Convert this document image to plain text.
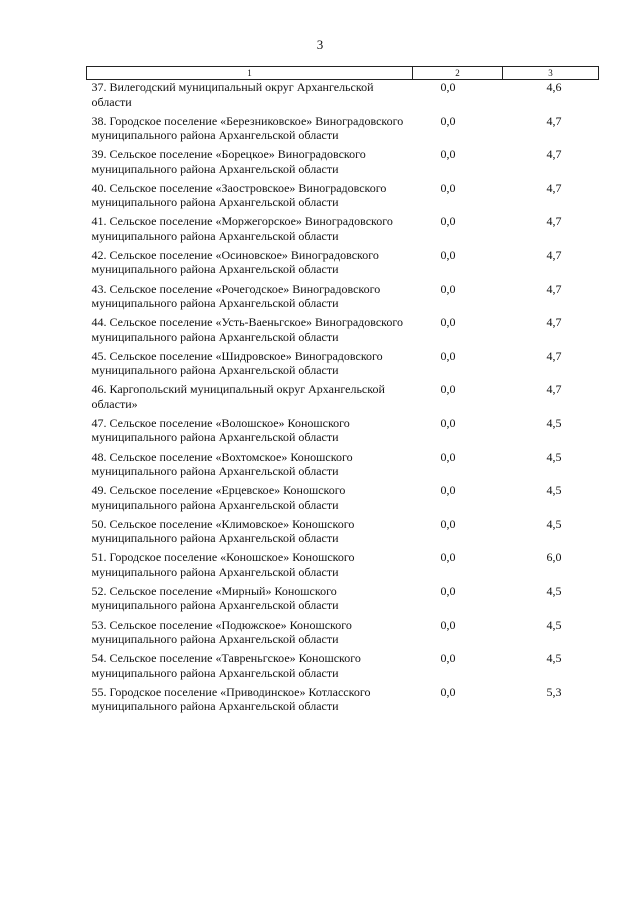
3
1	2	3
37. Вилегодский муниципальный округ Архангельской области	0,0	4,6
38. Городское поселение «Березниковское» Виноградовского муниципального района Архангельской области	0,0	4,7
39. Сельское поселение «Борецкое» Виноградовского муниципального района Архангельской области	0,0	4,7
40. Сельское поселение «Заостровское» Виноградовского муниципального района Архангельской области	0,0	4,7
41. Сельское поселение «Моржегорское» Виноградовского муниципального района Архангельской области	0,0	4,7
42. Сельское поселение «Осиновское» Виноградовского муниципального района Архангельской области	0,0	4,7
43. Сельское поселение «Рочегодское» Виноградовского муниципального района Архангельской области	0,0	4,7
44. Сельское поселение «Усть-Ваеньгское» Виноградовского муниципального района Архангельской области	0,0	4,7
45. Сельское поселение «Шидровское» Виноградовского муниципального района Архангельской области	0,0	4,7
46. Каргопольский муниципальный округ Архангельской области»	0,0	4,7
47. Сельское поселение «Волошское» Коношского муниципального района Архангельской области	0,0	4,5
48. Сельское поселение «Вохтомское» Коношского муниципального района Архангельской области	0,0	4,5
49. Сельское поселение «Ерцевское» Коношского муниципального района Архангельской области	0,0	4,5
50. Сельское поселение «Климовское» Коношского муниципального района Архангельской области	0,0	4,5
51. Городское поселение «Коношское» Коношского муниципального района Архангельской области	0,0	6,0
52. Сельское поселение «Мирный» Коношского муниципального района Архангельской области	0,0	4,5
53. Сельское поселение «Подюжское» Коношского муниципального района Архангельской области	0,0	4,5
54. Сельское поселение «Тавреньгское» Коношского муниципального района Архангельской области	0,0	4,5
55. Городское поселение «Приводинское» Котласского муниципального района Архангельской области	0,0	5,3
